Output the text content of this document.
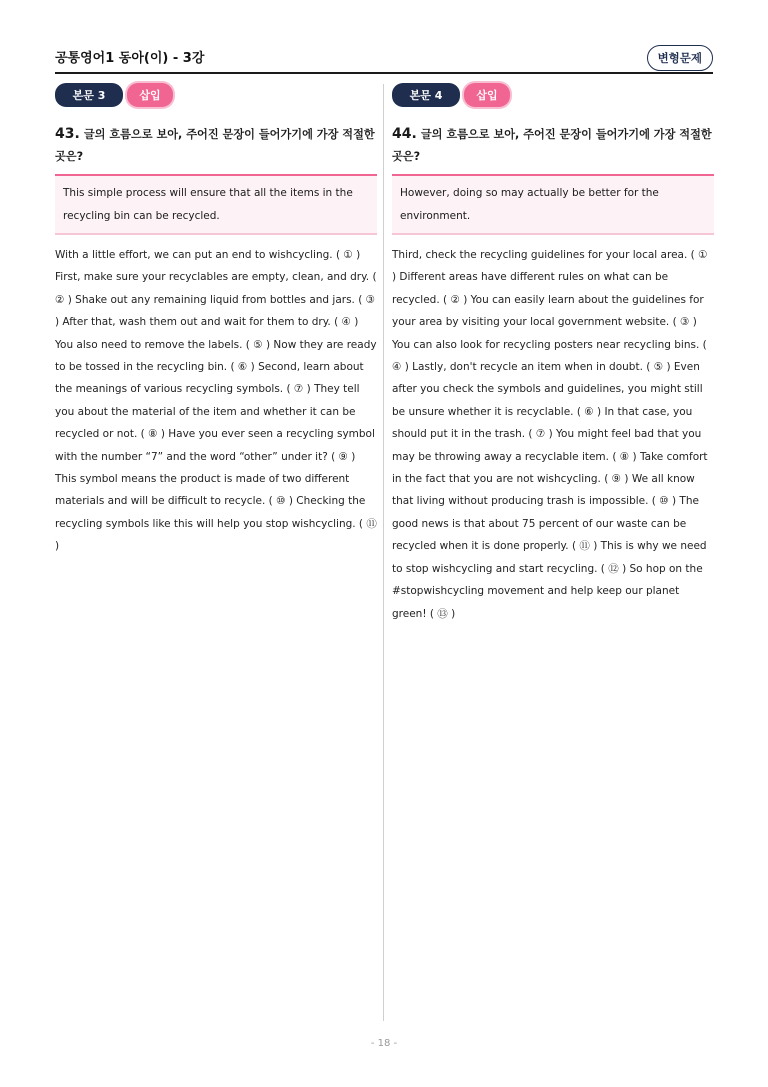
공통영어1 동아(이) - 3강	변형문제
본문 3	삽입
43. 글의 흐름으로 보아, 주어진 문장이 들어가기에 가장 적절한 곳은?
This simple process will ensure that all the items in the recycling bin can be recycled.
With a little effort, we can put an end to wishcycling. ( ① ) First, make sure your recyclables are empty, clean, and dry. ( ② ) Shake out any remaining liquid from bottles and jars. ( ③ ) After that, wash them out and wait for them to dry. ( ④ ) You also need to remove the labels. ( ⑤ ) Now they are ready to be tossed in the recycling bin. ( ⑥ ) Second, learn about the meanings of various recycling symbols. ( ⑦ ) They tell you about the material of the item and whether it can be recycled or not. ( ⑧ ) Have you ever seen a recycling symbol with the number “7” and the word “other” under it? ( ⑨ ) This symbol means the product is made of two different materials and will be difficult to recycle. ( ⑩ ) Checking the recycling symbols like this will help you stop wishcycling. ( ⑪ )
본문 4	삽입
44. 글의 흐름으로 보아, 주어진 문장이 들어가기에 가장 적절한 곳은?
However, doing so may actually be better for the environment.
Third, check the recycling guidelines for your local area. ( ① ) Different areas have different rules on what can be recycled. ( ② ) You can easily learn about the guidelines for your area by visiting your local government website. ( ③ ) You can also look for recycling posters near recycling bins. ( ④ ) Lastly, don't recycle an item when in doubt. ( ⑤ ) Even after you check the symbols and guidelines, you might still be unsure whether it is recyclable. ( ⑥ ) In that case, you should put it in the trash. ( ⑦ ) You might feel bad that you may be throwing away a recyclable item. ( ⑧ ) Take comfort in the fact that you are not wishcycling. ( ⑨ ) We all know that living without producing trash is impossible. ( ⑩ ) The good news is that about 75 percent of our waste can be recycled when it is done properly. ( ⑪ ) This is why we need to stop wishcycling and start recycling. ( ⑫ ) So hop on the #stopwishcycling movement and help keep our planet green! ( ⑬ )
- 18 -
